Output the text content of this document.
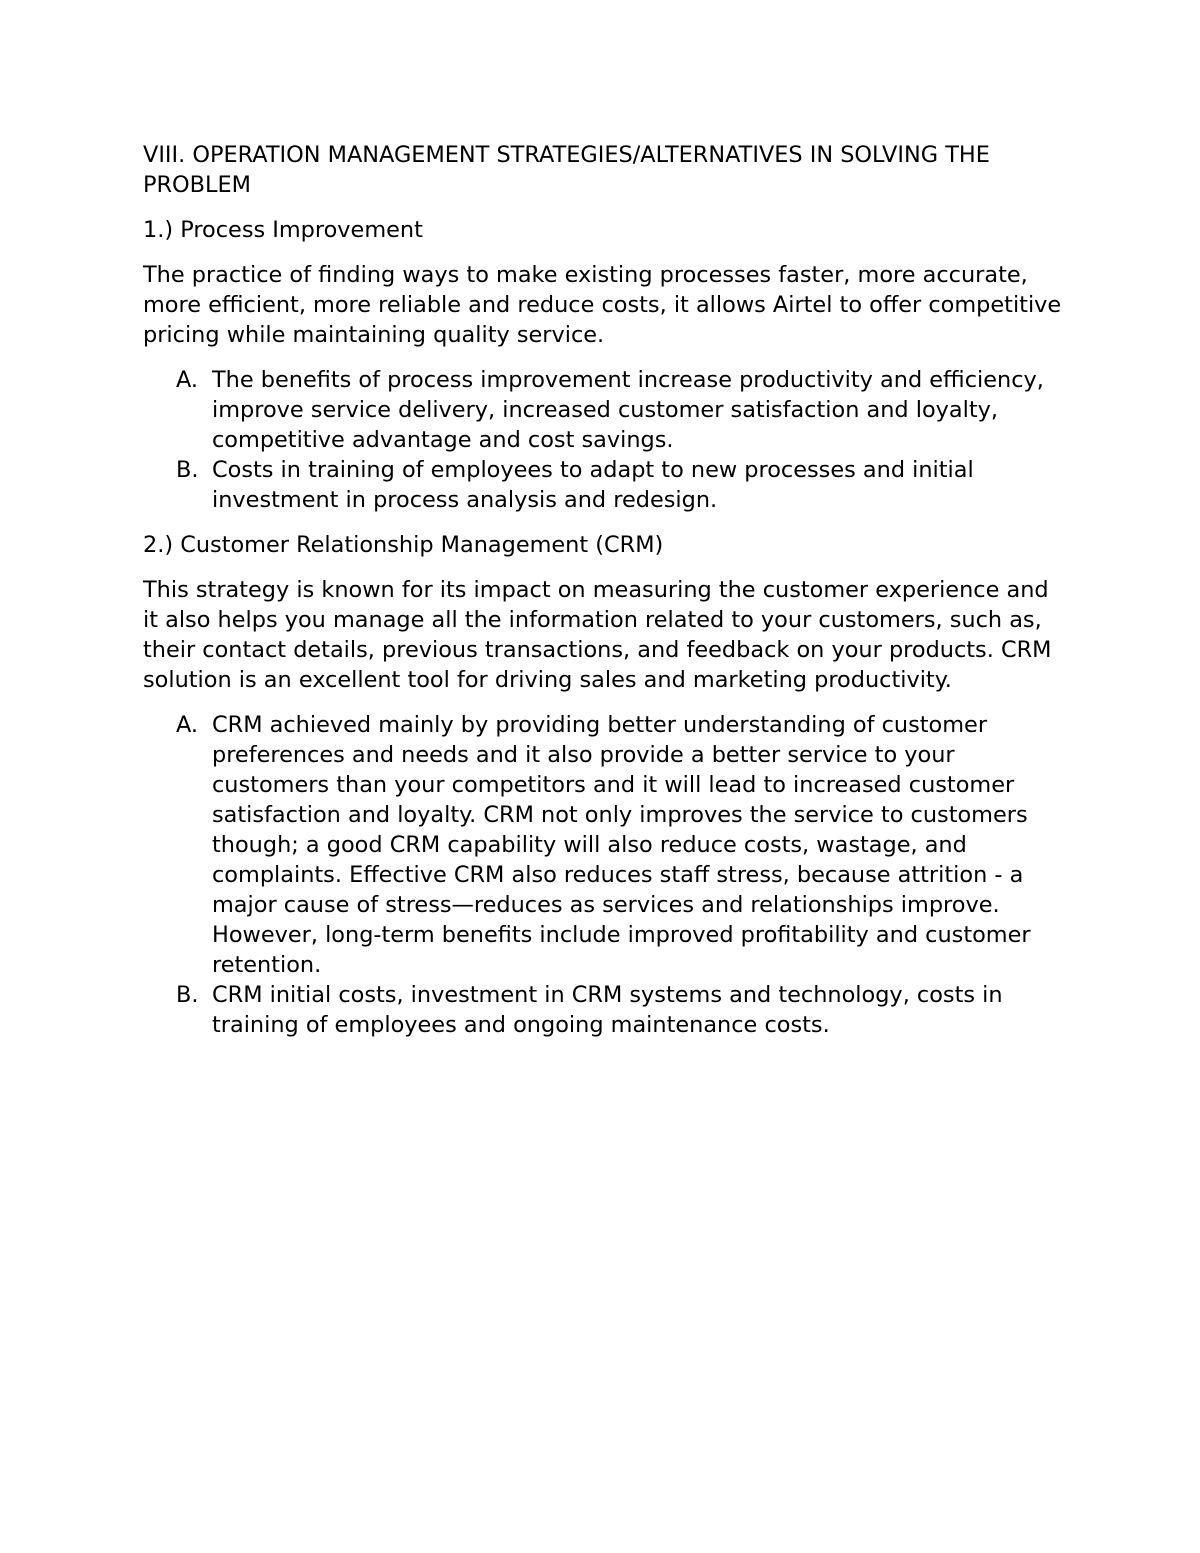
VIII. OPERATION MANAGEMENT STRATEGIES/ALTERNATIVES IN SOLVING THE PROBLEM

1.) Process Improvement

The practice of finding ways to make existing processes faster, more accurate, more efficient, more reliable and reduce costs, it allows Airtel to offer competitive pricing while maintaining quality service.

A. The benefits of process improvement increase productivity and efficiency, improve service delivery, increased customer satisfaction and loyalty, competitive advantage and cost savings.
B. Costs in training of employees to adapt to new processes and initial investment in process analysis and redesign.

2.) Customer Relationship Management (CRM)

This strategy is known for its impact on measuring the customer experience and it also helps you manage all the information related to your customers, such as, their contact details, previous transactions, and feedback on your products. CRM solution is an excellent tool for driving sales and marketing productivity.

A. CRM achieved mainly by providing better understanding of customer preferences and needs and it also provide a better service to your customers than your competitors and it will lead to increased customer satisfaction and loyalty. CRM not only improves the service to customers though; a good CRM capability will also reduce costs, wastage, and complaints. Effective CRM also reduces staff stress, because attrition - a major cause of stress—reduces as services and relationships improve. However, long-term benefits include improved profitability and customer retention.
B. CRM initial costs, investment in CRM systems and technology, costs in training of employees and ongoing maintenance costs.
